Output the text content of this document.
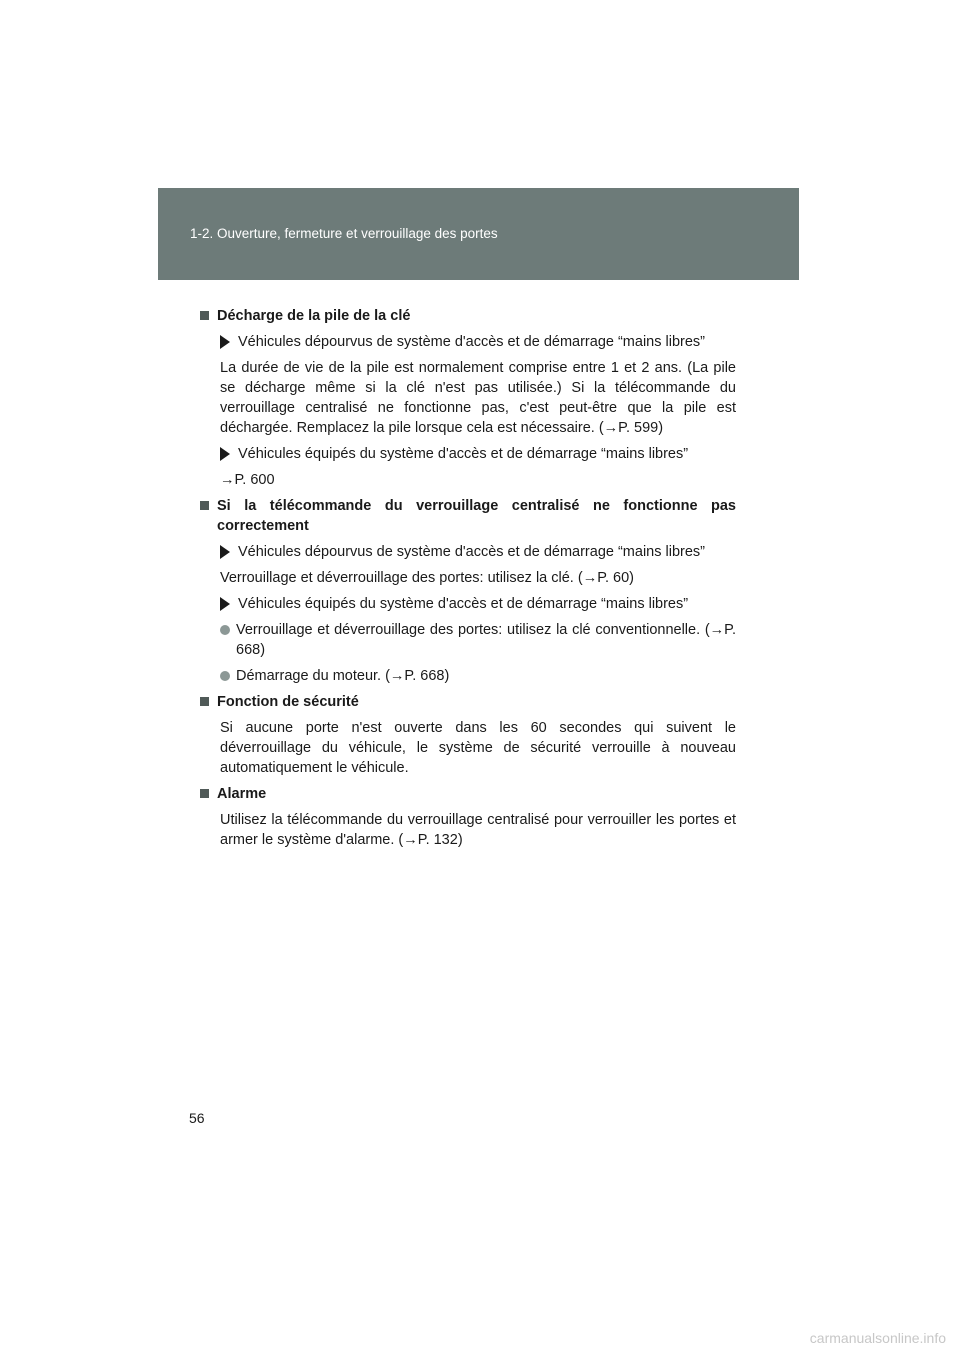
1-2. Ouverture, fermeture et verrouillage des portes
Décharge de la pile de la clé
Véhicules dépourvus de système d'accès et de démarrage “mains libres”
La durée de vie de la pile est normalement comprise entre 1 et 2 ans. (La pile se décharge même si la clé n'est pas utilisée.) Si la télécommande du verrouillage centralisé ne fonctionne pas, c'est peut-être que la pile est déchargée. Remplacez la pile lorsque cela est nécessaire. (→P. 599)
Véhicules équipés du système d'accès et de démarrage “mains libres”
→P. 600
Si la télécommande du verrouillage centralisé ne fonctionne pas correctement
Véhicules dépourvus de système d'accès et de démarrage “mains libres”
Verrouillage et déverrouillage des portes: utilisez la clé. (→P. 60)
Véhicules équipés du système d'accès et de démarrage “mains libres”
Verrouillage et déverrouillage des portes: utilisez la clé conventionnelle. (→P. 668)
Démarrage du moteur. (→P. 668)
Fonction de sécurité
Si aucune porte n'est ouverte dans les 60 secondes qui suivent le déverrouillage du véhicule, le système de sécurité verrouille à nouveau automatiquement le véhicule.
Alarme
Utilisez la télécommande du verrouillage centralisé pour verrouiller les portes et armer le système d'alarme. (→P. 132)
56
carmanualsonline.info
